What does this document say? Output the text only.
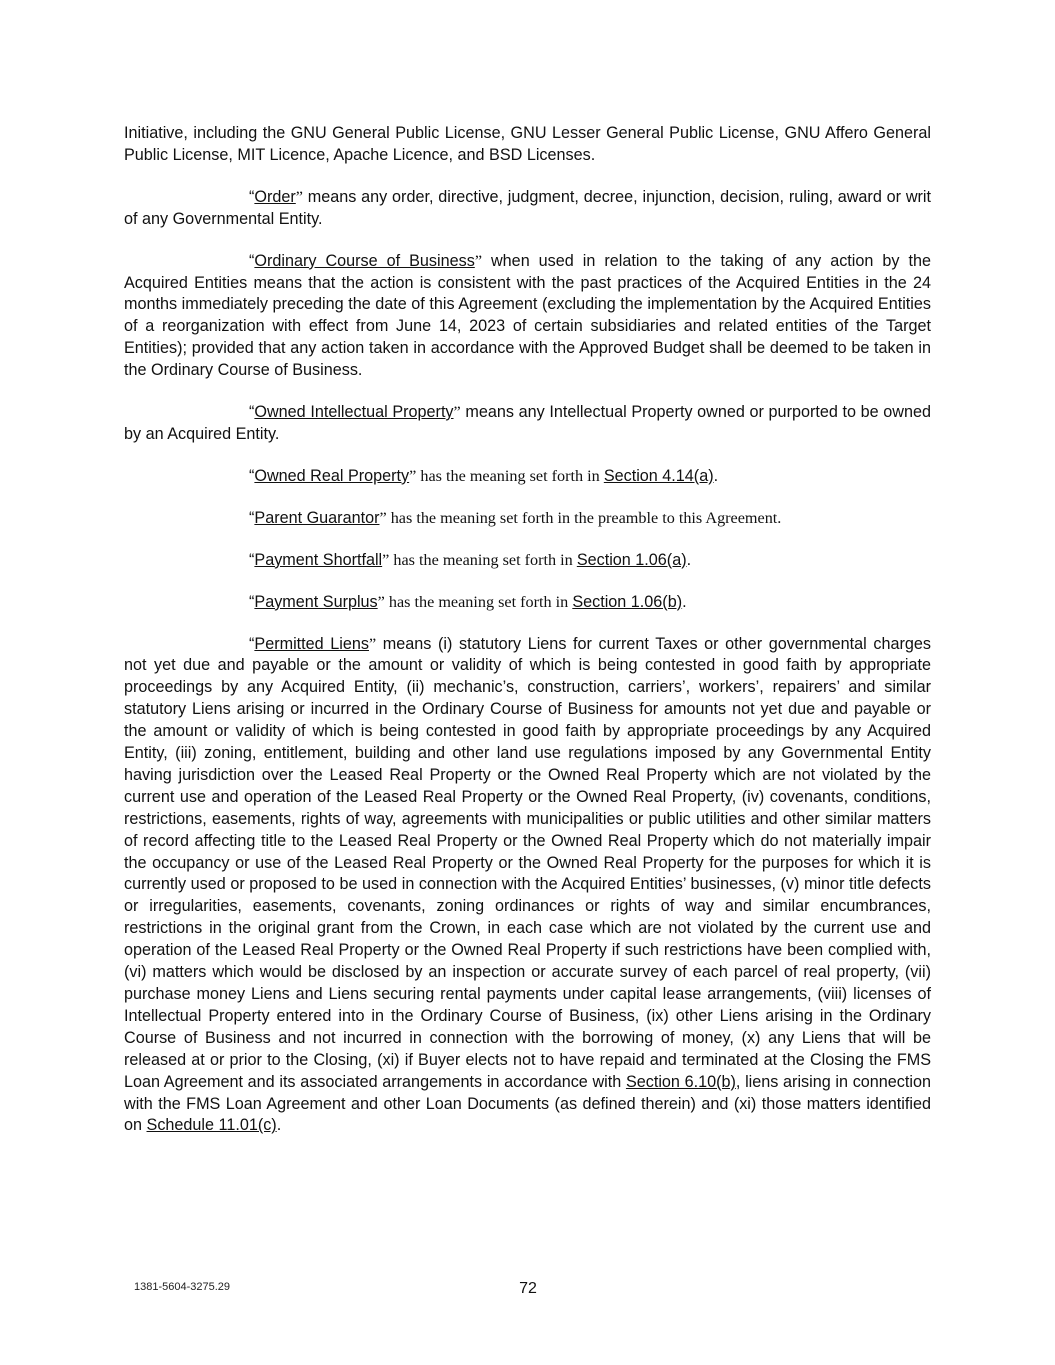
Initiative, including the GNU General Public License, GNU Lesser General Public License, GNU Affero General Public License, MIT Licence, Apache Licence, and BSD Licenses.

“Order” means any order, directive, judgment, decree, injunction, decision, ruling, award or writ of any Governmental Entity.

“Ordinary Course of Business” when used in relation to the taking of any action by the Acquired Entities means that the action is consistent with the past practices of the Acquired Entities in the 24 months immediately preceding the date of this Agreement (excluding the implementation by the Acquired Entities of a reorganization with effect from June 14, 2023 of certain subsidiaries and related entities of the Target Entities); provided that any action taken in accordance with the Approved Budget shall be deemed to be taken in the Ordinary Course of Business.

“Owned Intellectual Property” means any Intellectual Property owned or purported to be owned by an Acquired Entity.

“Owned Real Property” has the meaning set forth in Section 4.14(a).

“Parent Guarantor” has the meaning set forth in the preamble to this Agreement.

“Payment Shortfall” has the meaning set forth in Section 1.06(a).

“Payment Surplus” has the meaning set forth in Section 1.06(b).

“Permitted Liens” means (i) statutory Liens for current Taxes or other governmental charges not yet due and payable or the amount or validity of which is being contested in good faith by appropriate proceedings by any Acquired Entity, (ii) mechanic’s, construction, carriers’, workers’, repairers’ and similar statutory Liens arising or incurred in the Ordinary Course of Business for amounts not yet due and payable or the amount or validity of which is being contested in good faith by appropriate proceedings by any Acquired Entity, (iii) zoning, entitlement, building and other land use regulations imposed by any Governmental Entity having jurisdiction over the Leased Real Property or the Owned Real Property which are not violated by the current use and operation of the Leased Real Property or the Owned Real Property, (iv) covenants, conditions, restrictions, easements, rights of way, agreements with municipalities or public utilities and other similar matters of record affecting title to the Leased Real Property or the Owned Real Property which do not materially impair the occupancy or use of the Leased Real Property or the Owned Real Property for the purposes for which it is currently used or proposed to be used in connection with the Acquired Entities’ businesses, (v) minor title defects or irregularities, easements, covenants, zoning ordinances or rights of way and similar encumbrances, restrictions in the original grant from the Crown, in each case which are not violated by the current use and operation of the Leased Real Property or the Owned Real Property if such restrictions have been complied with, (vi) matters which would be disclosed by an inspection or accurate survey of each parcel of real property, (vii) purchase money Liens and Liens securing rental payments under capital lease arrangements, (viii) licenses of Intellectual Property entered into in the Ordinary Course of Business, (ix) other Liens arising in the Ordinary Course of Business and not incurred in connection with the borrowing of money, (x) any Liens that will be released at or prior to the Closing, (xi) if Buyer elects not to have repaid and terminated at the Closing the FMS Loan Agreement and its associated arrangements in accordance with Section 6.10(b), liens arising in connection with the FMS Loan Agreement and other Loan Documents (as defined therein) and (xi) those matters identified on Schedule 11.01(c).

1381-5604-3275.29	72
